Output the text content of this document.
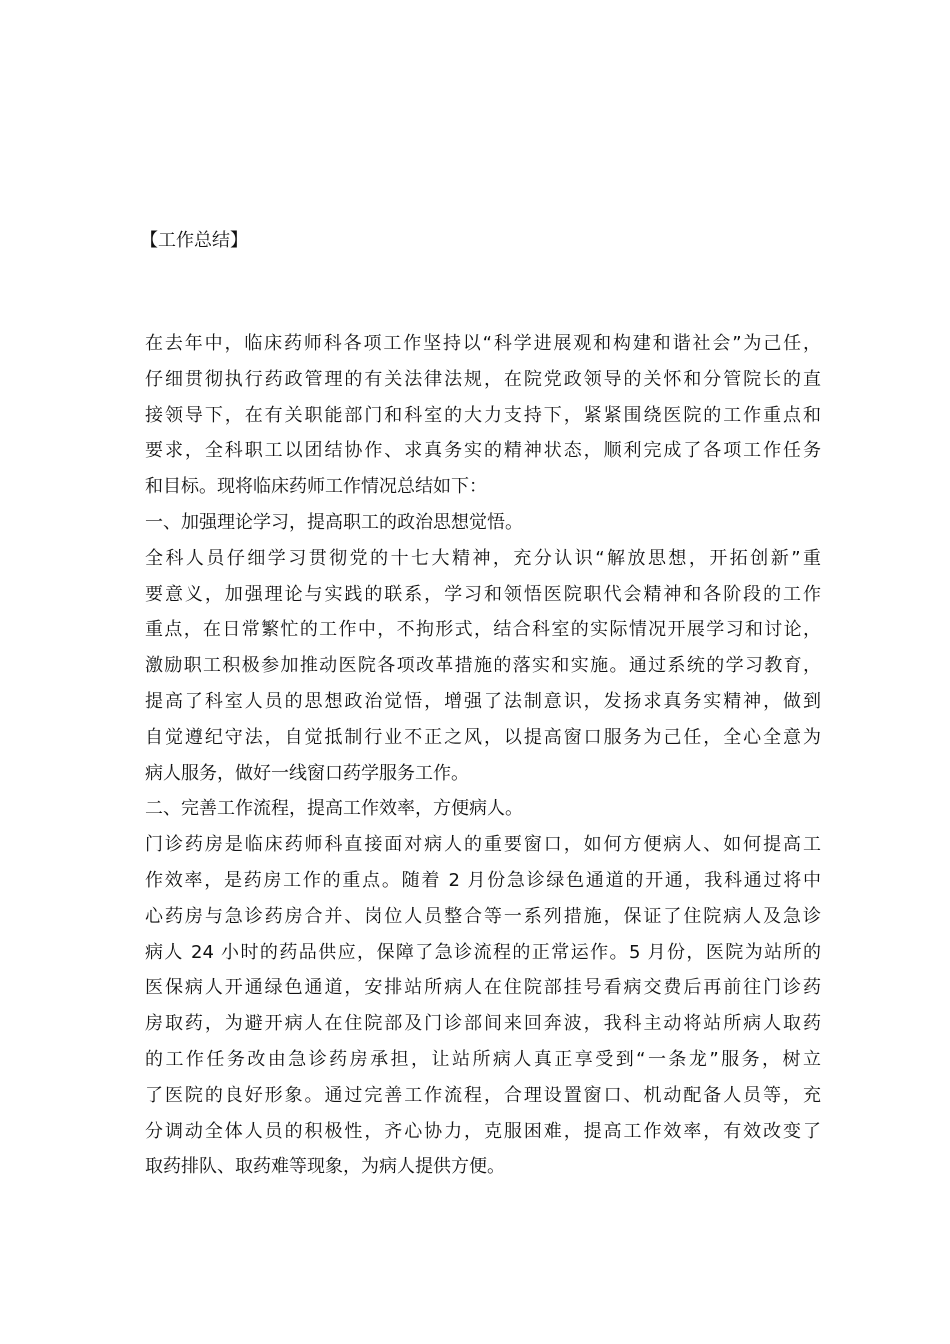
【工作总结】
在去年中，临床药师科各项工作坚持以“科学进展观和构建和谐社会”为己任，
仔细贯彻执行药政管理的有关法律法规，在院党政领导的关怀和分管院长的直
接领导下，在有关职能部门和科室的大力支持下，紧紧围绕医院的工作重点和
要求，全科职工以团结协作、求真务实的精神状态，顺利完成了各项工作任务
和目标。现将临床药师工作情况总结如下：
一、加强理论学习，提高职工的政治思想觉悟。
全科人员仔细学习贯彻党的十七大精神，充分认识“解放思想，开拓创新”重
要意义，加强理论与实践的联系，学习和领悟医院职代会精神和各阶段的工作
重点，在日常繁忙的工作中，不拘形式，结合科室的实际情况开展学习和讨论，
激励职工积极参加推动医院各项改革措施的落实和实施。通过系统的学习教育，
提高了科室人员的思想政治觉悟，增强了法制意识，发扬求真务实精神，做到
自觉遵纪守法，自觉抵制行业不正之风，以提高窗口服务为己任，全心全意为
病人服务，做好一线窗口药学服务工作。
二、完善工作流程，提高工作效率，方便病人。
门诊药房是临床药师科直接面对病人的重要窗口，如何方便病人、如何提高工
作效率，是药房工作的重点。随着 2 月份急诊绿色通道的开通，我科通过将中
心药房与急诊药房合并、岗位人员整合等一系列措施，保证了住院病人及急诊
病人 24 小时的药品供应，保障了急诊流程的正常运作。5 月份，医院为站所的
医保病人开通绿色通道，安排站所病人在住院部挂号看病交费后再前往门诊药
房取药，为避开病人在住院部及门诊部间来回奔波，我科主动将站所病人取药
的工作任务改由急诊药房承担，让站所病人真正享受到“一条龙”服务，树立
了医院的良好形象。通过完善工作流程，合理设置窗口、机动配备人员等，充
分调动全体人员的积极性，齐心协力，克服困难，提高工作效率，有效改变了
取药排队、取药难等现象，为病人提供方便。
